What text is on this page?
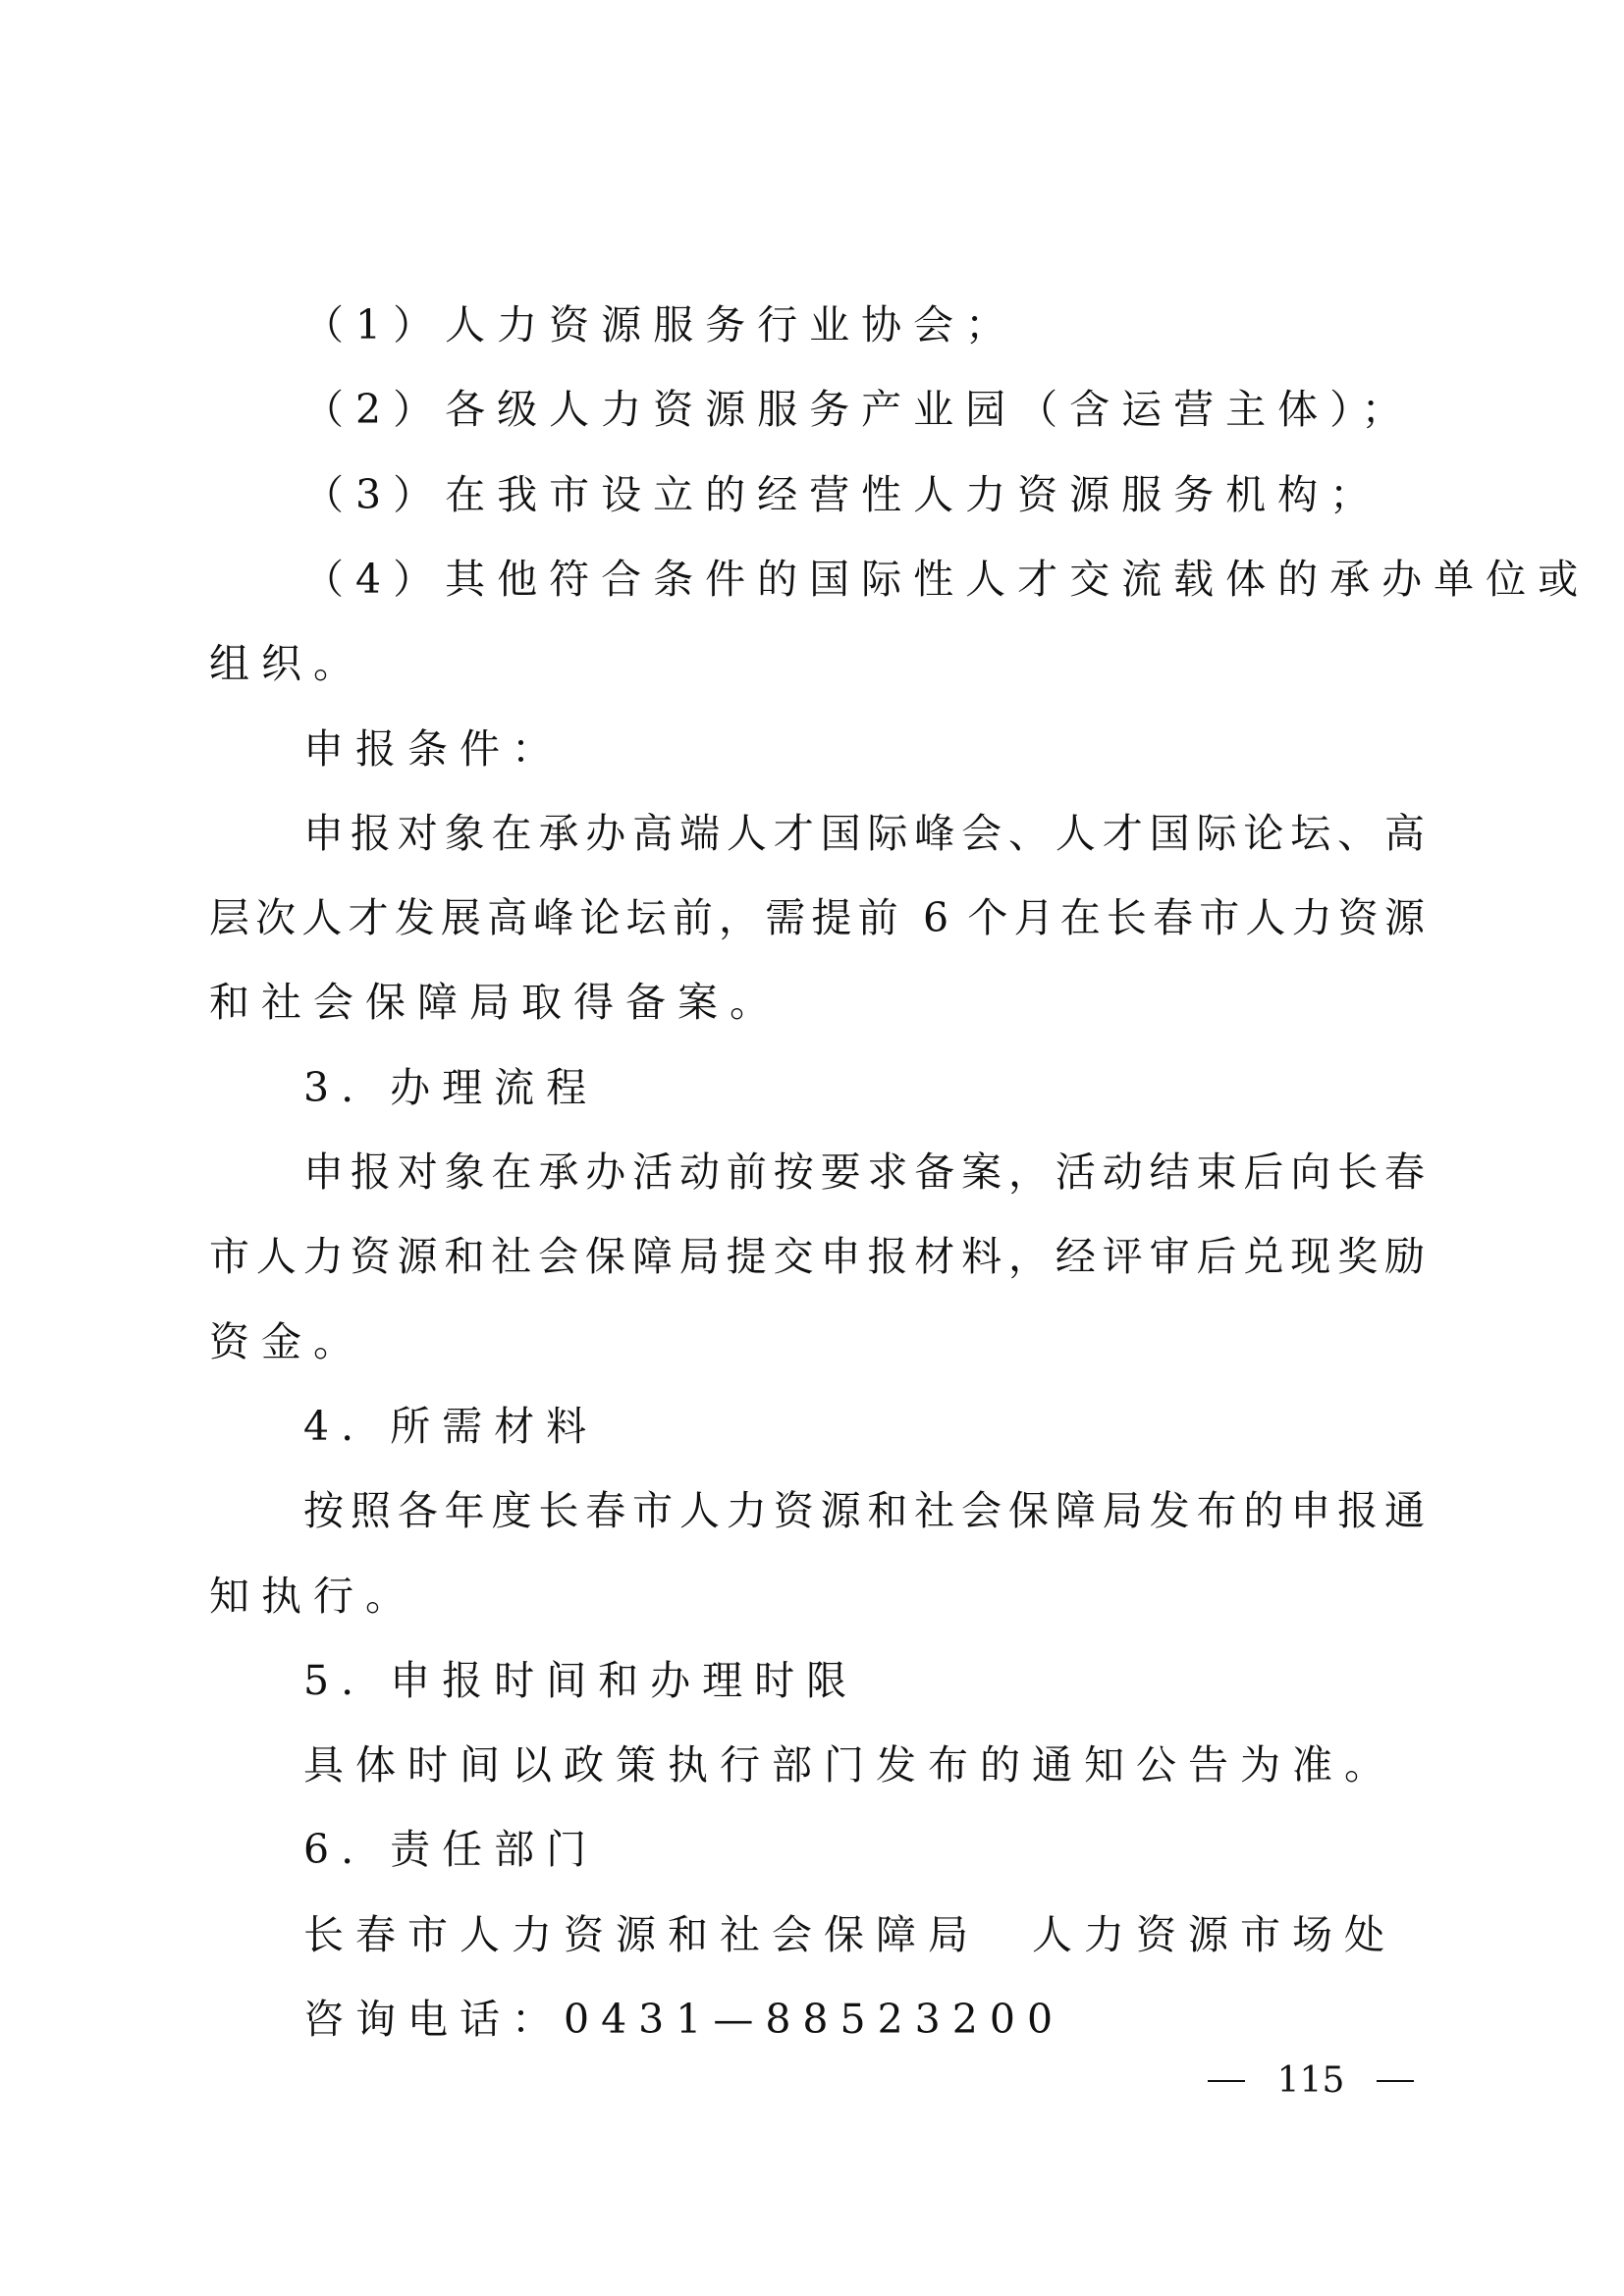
（1）人力资源服务行业协会；

（2）各级人力资源服务产业园（含运营主体）；

（3）在我市设立的经营性人力资源服务机构；

（4）其他符合条件的国际性人才交流载体的承办单位或

组织。

申报条件：

申报对象在承办高端人才国际峰会、人才国际论坛、高

层次人才发展高峰论坛前，需提前 6 个月在长春市人力资源

和社会保障局取得备案。

3. 办理流程

申报对象在承办活动前按要求备案，活动结束后向长春

市人力资源和社会保障局提交申报材料，经评审后兑现奖励

资金。

4. 所需材料

按照各年度长春市人力资源和社会保障局发布的申报通

知执行。

5. 申报时间和办理时限

具体时间以政策执行部门发布的通知公告为准。

6. 责任部门

长春市人力资源和社会保障局　人力资源市场处

咨询电话：0431—88523200

115
